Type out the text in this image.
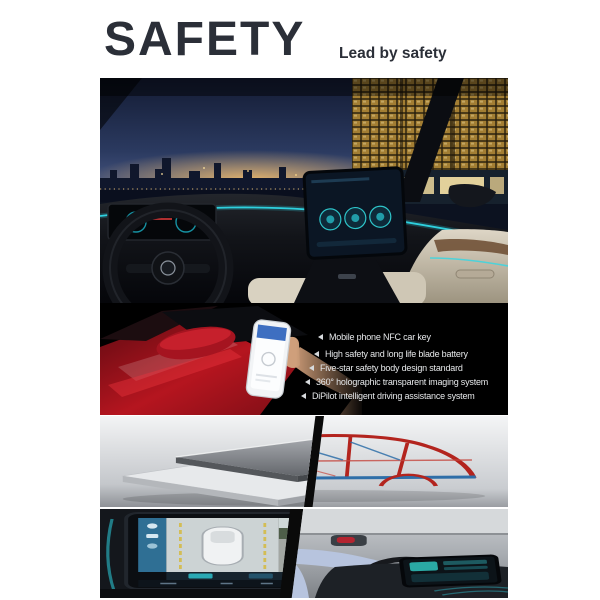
SAFETY Lead by safety
Mobile phone NFC car key
High safety and long life blade battery
Five-star safety body design standard
360° holographic transparent imaging system
DiPilot intelligent driving assistance system
